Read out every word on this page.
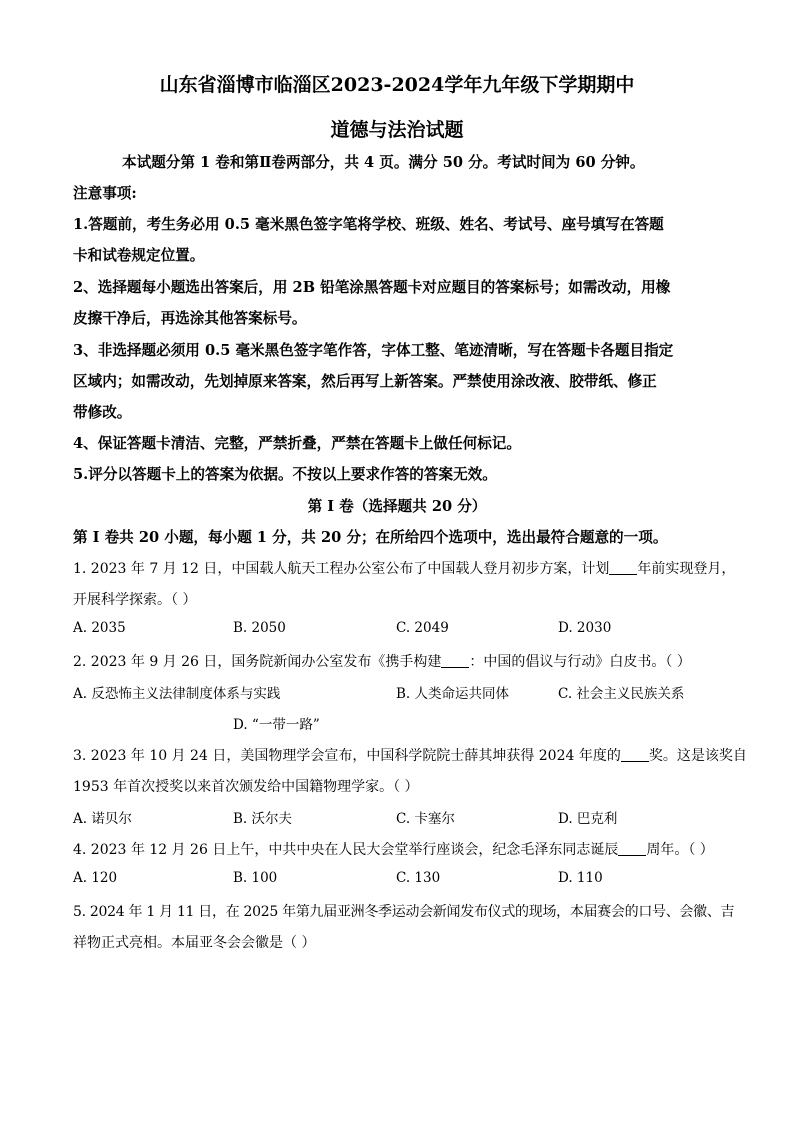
山东省淄博市临淄区2023-2024学年九年级下学期期中
道德与法治试题
本试题分第 1 卷和第Ⅱ卷两部分，共 4 页。满分 50 分。考试时间为 60 分钟。
注意事项:
1.答题前，考生务必用 0.5 毫米黑色签字笔将学校、班级、姓名、考试号、座号填写在答题
卡和试卷规定位置。
2、选择题每小题选出答案后，用 2B 铅笔涂黑答题卡对应题目的答案标号；如需改动，用橡
皮擦干净后，再选涂其他答案标号。
3、非选择题必须用 0.5 毫米黑色签字笔作答，字体工整、笔迹清晰，写在答题卡各题目指定
区域内；如需改动，先划掉原来答案，然后再写上新答案。严禁使用涂改液、胶带纸、修正
带修改。
4、保证答题卡清洁、完整，严禁折叠，严禁在答题卡上做任何标记。
5.评分以答题卡上的答案为依据。不按以上要求作答的答案无效。
第 I 卷（选择题共 20 分）
第 I 卷共 20 小题，每小题 1 分，共 20 分；在所给四个选项中，选出最符合题意的一项。
1. 2023 年 7 月 12 日，中国载人航天工程办公室公布了中国载人登月初步方案，计划 年前实现登月，
开展科学探索。（ ）
A. 2035	B. 2050	C. 2049	D. 2030
2. 2023 年 9 月 26 日，国务院新闻办公室发布《携手构建 ：中国的倡议与行动》白皮书。（ ）
A. 反恐怖主义法律制度体系与实践	B. 人类命运共同体	C. 社会主义民族关系
D. “一带一路”
3. 2023 年 10 月 24 日，美国物理学会宣布，中国科学院院士薛其坤获得 2024 年度的 奖。这是该奖自
1953 年首次授奖以来首次颁发给中国籍物理学家。（ ）
A. 诺贝尔	B. 沃尔夫	C. 卡塞尔	D. 巴克利
4. 2023 年 12 月 26 日上午，中共中央在人民大会堂举行座谈会，纪念毛泽东同志诞辰 周年。（ ）
A. 120	B. 100	C. 130	D. 110
5. 2024 年 1 月 11 日，在 2025 年第九届亚洲冬季运动会新闻发布仪式的现场，本届赛会的口号、会徽、吉
祥物正式亮相。本届亚冬会会徽是（ ）
